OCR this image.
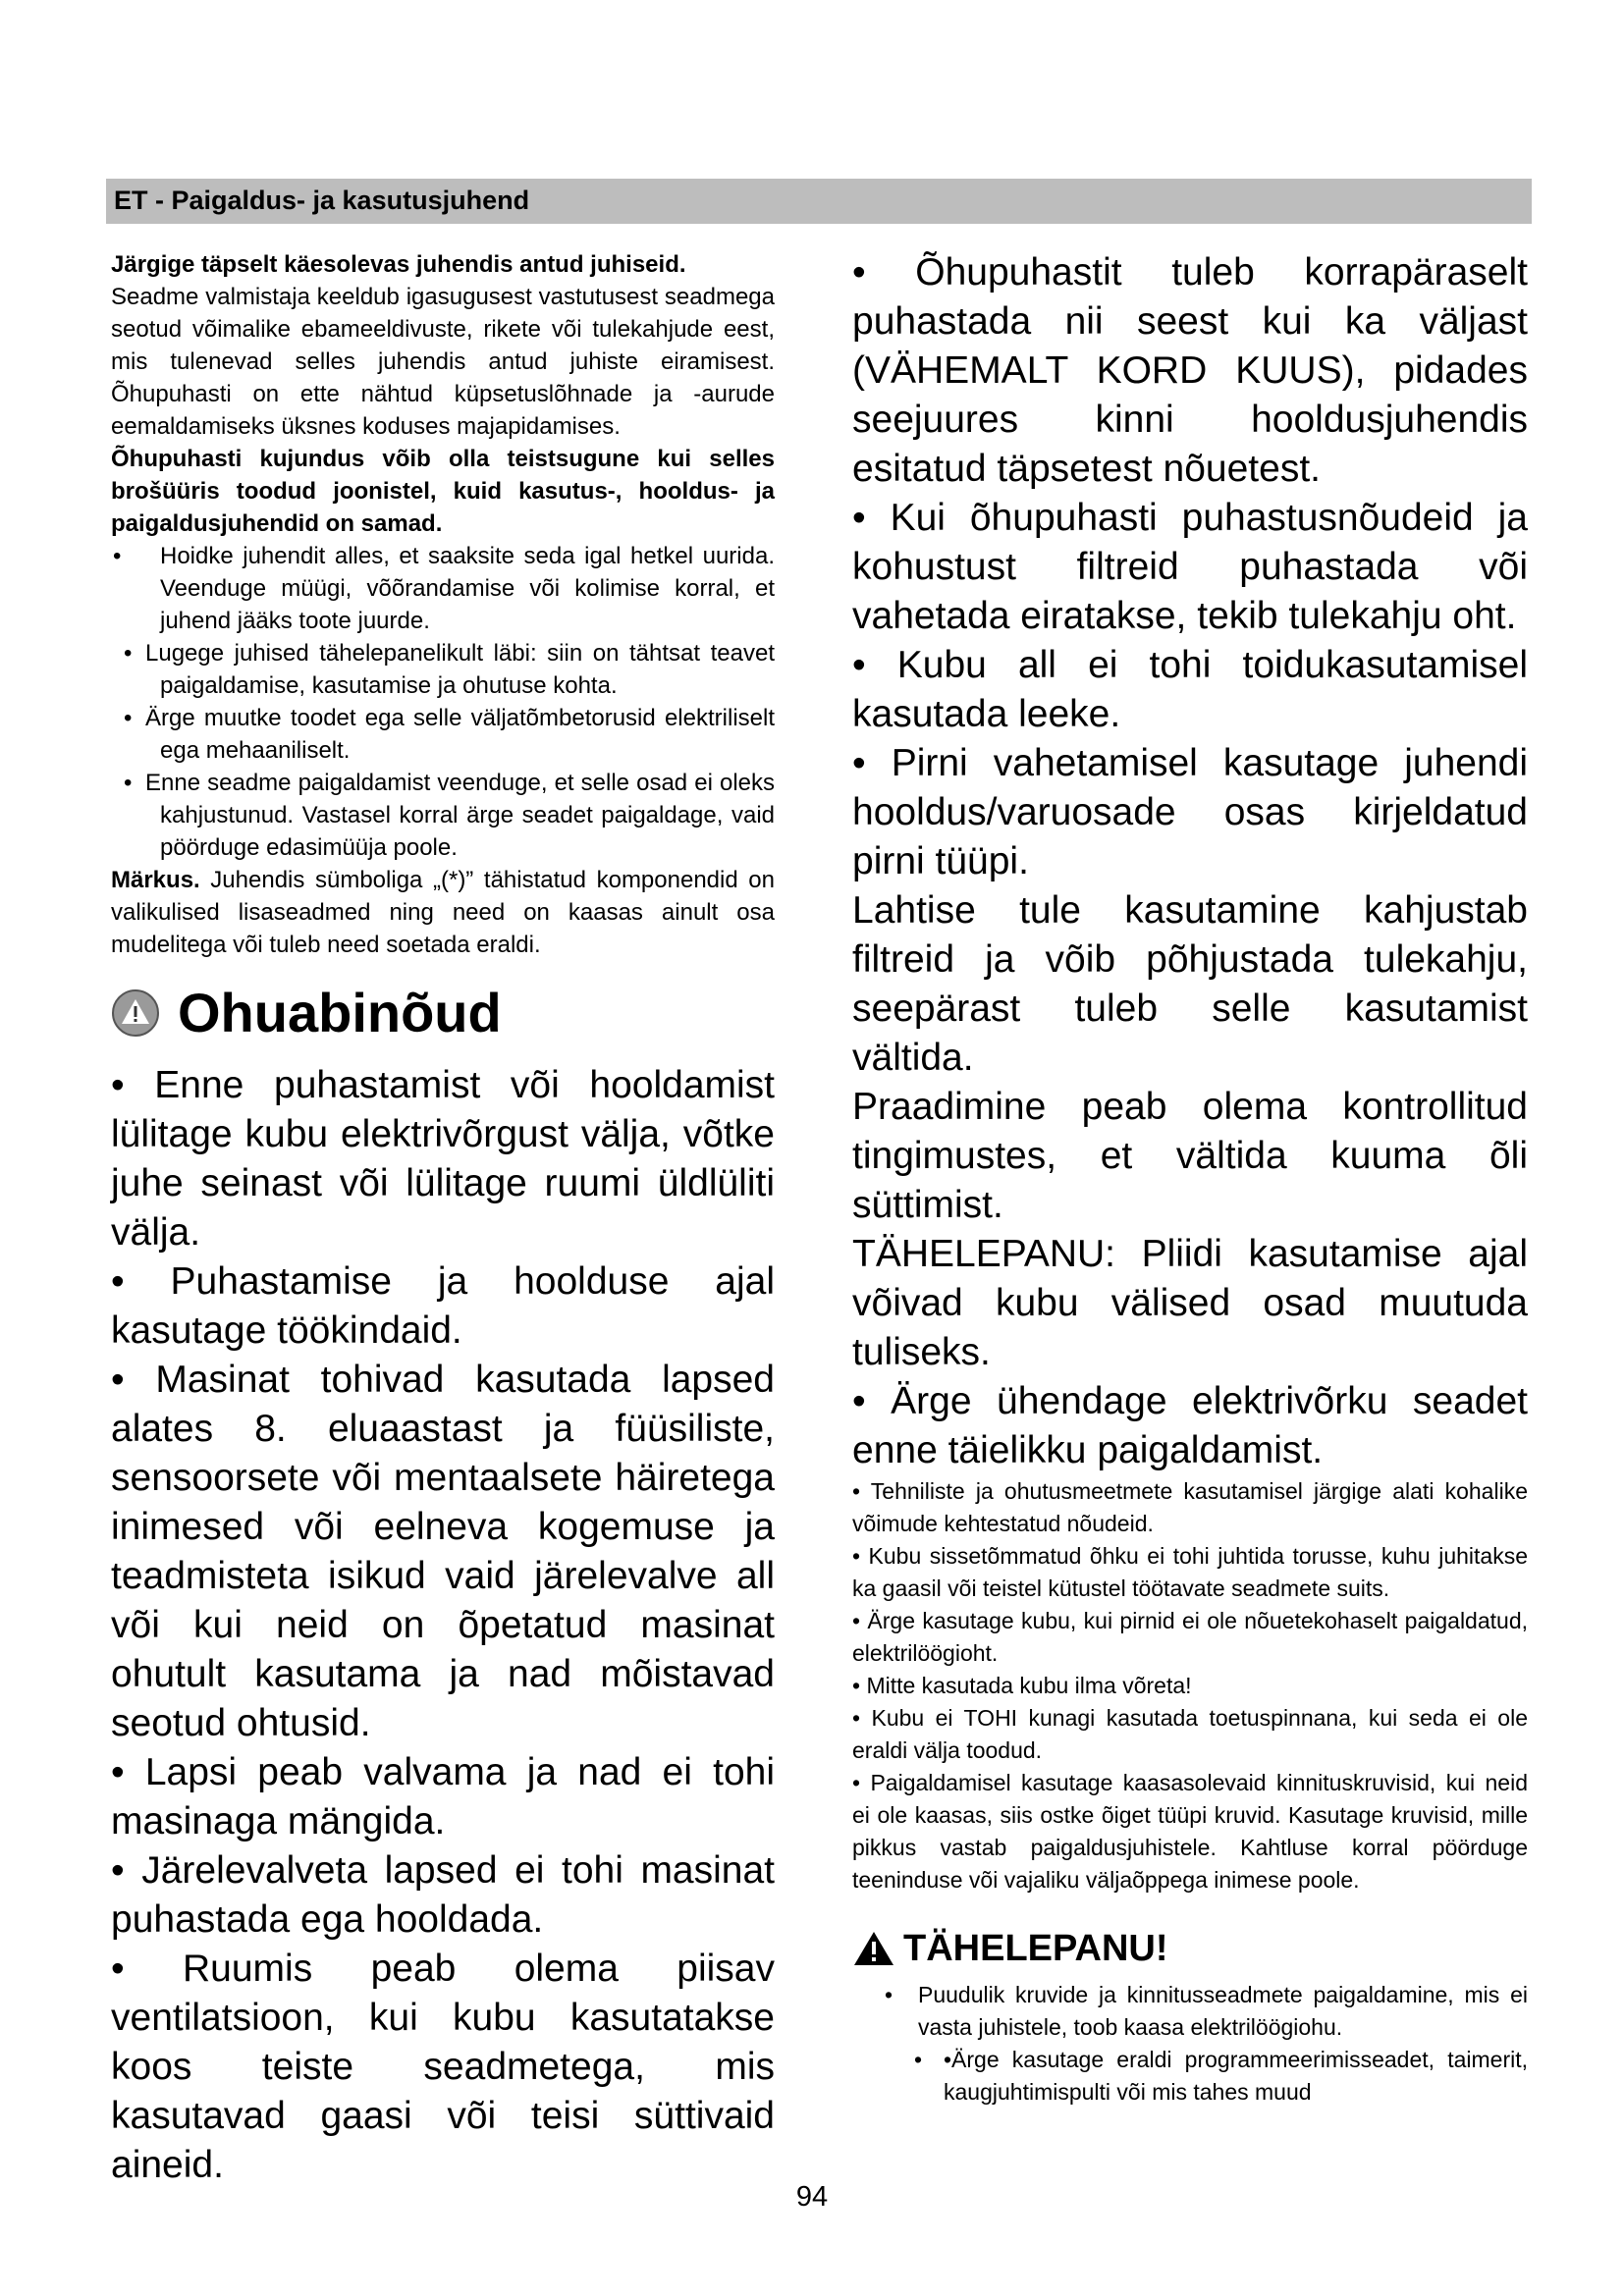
ET - Paigaldus- ja kasutusjuhend

Järgige täpselt käesolevas juhendis antud juhiseid.

Seadme valmistaja keeldub igasugusest vastutusest seadmega seotud võimalike ebameeldivuste, rikete või tulekahjude eest, mis tulenevad selles juhendis antud juhiste eiramisest. Õhupuhasti on ette nähtud küpsetuslõhnade ja -aurude eemaldamiseks üksnes koduses majapidamises.

Õhupuhasti kujundus võib olla teistsugune kui selles brošüüris toodud joonistel, kuid kasutus-, hooldus- ja paigaldusjuhendid on samad.

• Hoidke juhendit alles, et saaksite seda igal hetkel uurida. Veenduge müügi, võõrandamise või kolimise korral, et juhend jääks toote juurde.
• Lugege juhised tähelepanelikult läbi: siin on tähtsat teavet paigaldamise, kasutamise ja ohutuse kohta.
• Ärge muutke toodet ega selle väljatõmbetorusid elektriliselt ega mehaaniliselt.
• Enne seadme paigaldamist veenduge, et selle osad ei oleks kahjustunud. Vastasel korral ärge seadet paigaldage, vaid pöörduge edasimüüja poole.

Märkus. Juhendis sümboliga „(*)” tähistatud komponendid on valikulised lisaseadmed ning need on kaasas ainult osa mudelitega või tuleb need soetada eraldi.

Ohuabinõud

• Enne puhastamist või hooldamist lülitage kubu elektrivõrgust välja, võtke juhe seinast või lülitage ruumi üldlüliti välja.

• Puhastamise ja hoolduse ajal kasutage töökindaid.

• Masinat tohivad kasutada lapsed alates 8. eluaastast ja füüsiliste, sensoorsete või mentaalsete häiretega inimesed või eelneva kogemuse ja teadmisteta isikud vaid järelevalve all või kui neid on õpetatud masinat ohutult kasutama ja nad mõistavad seotud ohtusid.

• Lapsi peab valvama ja nad ei tohi masinaga mängida.

• Järelevalveta lapsed ei tohi masinat puhastada ega hooldada.

• Ruumis peab olema piisav ventilatsioon, kui kubu kasutatakse koos teiste seadmetega, mis kasutavad gaasi või teisi süttivaid aineid.

• Õhupuhastit tuleb korrapäraselt puhastada nii seest kui ka väljast (VÄHEMALT KORD KUUS), pidades seejuures kinni hooldusjuhendis esitatud täpsetest nõuetest.

• Kui õhupuhasti puhastusnõudeid ja kohustust filtreid puhastada või vahetada eiratakse, tekib tulekahju oht.

• Kubu all ei tohi toidukasutamisel kasutada leeke.

• Pirni vahetamisel kasutage juhendi hooldus/varuosade osas kirjeldatud pirni tüüpi.

Lahtise tule kasutamine kahjustab filtreid ja võib põhjustada tulekahju, seepärast tuleb selle kasutamist vältida.

Praadimine peab olema kontrollitud tingimustes, et vältida kuuma õli süttimist.

TÄHELEPANU: Pliidi kasutamise ajal võivad kubu välised osad muutuda tuliseks.

• Ärge ühendage elektrivõrku seadet enne täielikku paigaldamist.

• Tehniliste ja ohutusmeetmete kasutamisel järgige alati kohalike võimude kehtestatud nõudeid.

• Kubu sissetõmmatud õhku ei tohi juhtida torusse, kuhu juhitakse ka gaasil või teistel kütustel töötavate seadmete suits.

• Ärge kasutage kubu, kui pirnid ei ole nõuetekohaselt paigaldatud, elektrilöögioht.

• Mitte kasutada kubu ilma võreta!

• Kubu ei TOHI kunagi kasutada toetuspinnana, kui seda ei ole eraldi välja toodud.

• Paigaldamisel kasutage kaasasolevaid kinnituskruvisid, kui neid ei ole kaasas, siis ostke õiget tüüpi kruvid. Kasutage kruvisid, mille pikkus vastab paigaldusjuhistele. Kahtluse korral pöörduge teeninduse või vajaliku väljaõppega inimese poole.

TÄHELEPANU!
• Puudulik kruvide ja kinnitusseadmete paigaldamine, mis ei vasta juhistele, toob kaasa elektrilöögiohu.
• •Ärge kasutage eraldi programmeerimisseadet, taimerit, kaugjuhtimispulti või mis tahes muud
94
